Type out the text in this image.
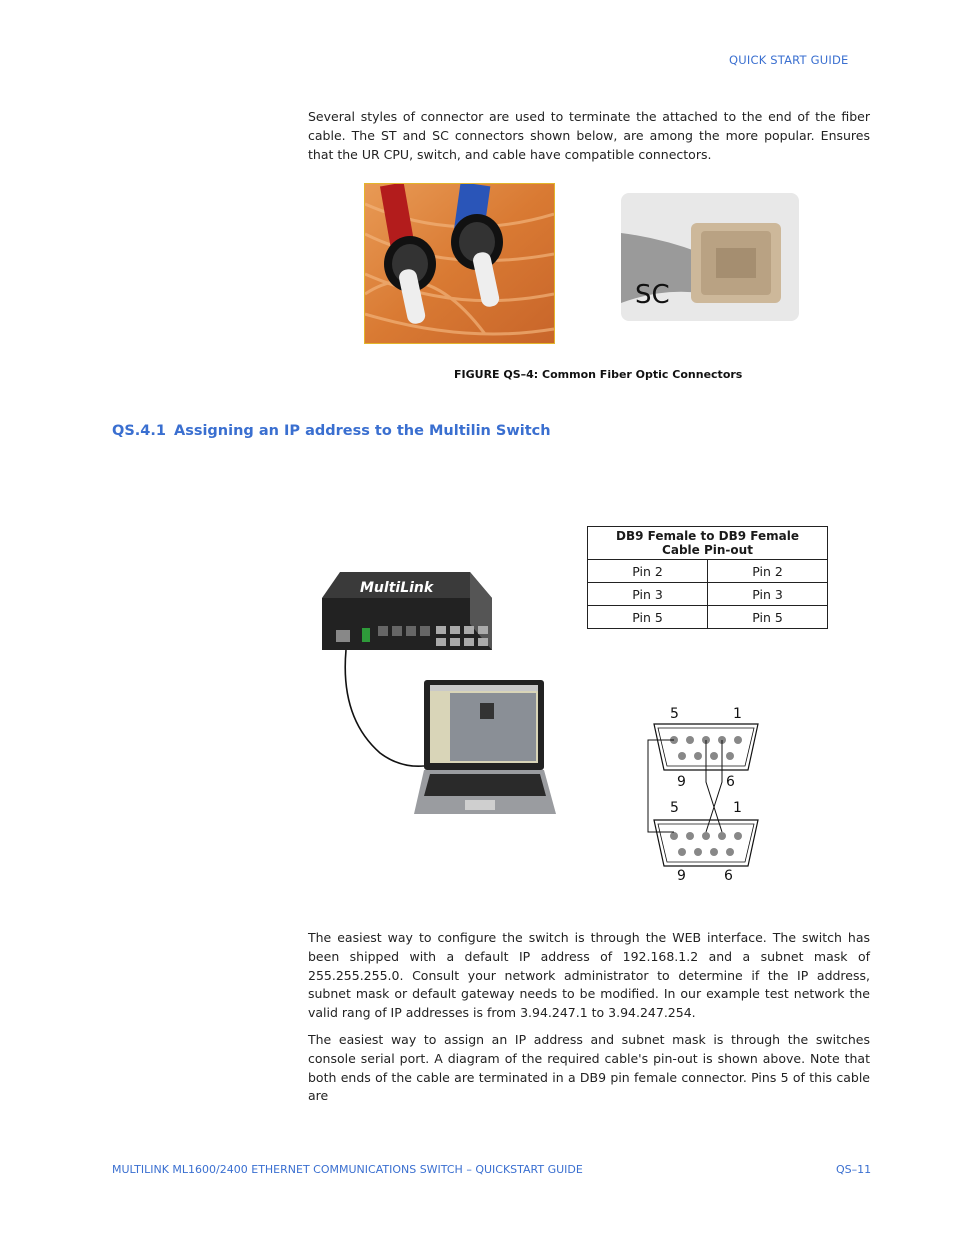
QUICK START GUIDE

Several styles of connector are used to terminate the attached to the end of the fiber cable. The ST and SC connectors shown below, are among the more popular. Ensures that the UR CPU, switch, and cable have compatible connectors.

SC
FIGURE QS–4: Common Fiber Optic Connectors
QS.4.1 Assigning an IP address to the Multilin Switch
DB9 Female to DB9 Female
Cable Pin-out	

Pin 2	Pin 2
Pin 3	Pin 3
Pin 5	Pin 5
MultiLink
5	1
9	6
5	1
9	6

The easiest way to configure the switch is through the WEB interface. The switch has been shipped with a default IP address of 192.168.1.2 and a subnet mask of 255.255.255.0. Consult your network administrator to determine if the IP address, subnet mask or default gateway needs to be modified. In our example test network the valid rang of IP addresses is from 3.94.247.1 to 3.94.247.254.

The easiest way to assign an IP address and subnet mask is through the switches console serial port. A diagram of the required cable's pin-out is shown above. Note that both ends of the cable are terminated in a DB9 pin female connector. Pins 5 of this cable are

MULTILINK ML1600/2400 ETHERNET COMMUNICATIONS SWITCH – QUICKSTART GUIDE	QS–11
